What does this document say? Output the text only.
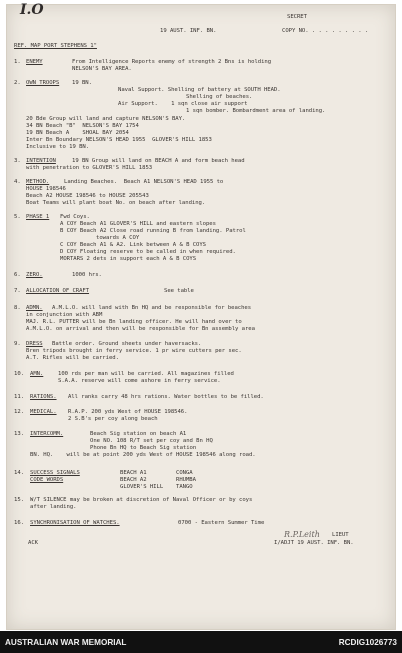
I.O	SECRET
19 AUST. INF. BN.	COPY NO. . . . . . . . . .
REF. MAP PORT STEPHENS 1"
1. ENEMY	From Intelligence Reports enemy of strength 2 Bns is holding
NELSON'S BAY AREA.
2. OWN TROOPS 19 BN.
Naval Support. Shelling of battery at SOUTH HEAD.
Shelling of beaches.
Air Support.    1 sqn close air support
1 sqn bomber. Bombardment area of landing.
20 Bde Group will land and capture NELSON'S BAY.
34 BN Beach "B"  NELSON'S BAY 1754
19 BN Beach A    SHOAL BAY 2054
Inter Bn Boundary NELSON'S HEAD 1955  GLOVER'S HILL 1853
Inclusive to 19 BN.
3. INTENTION	19 BN Group will land on BEACH A and form beach head
with penetration to GLOVER'S HILL 1853
4. METHOD.	Landing Beaches.  Beach A1 NELSON'S HEAD 1955 to
HOUSE 198546
Beach A2 HOUSE 198546 to HOUSE 205543
Boat Teams will plant boat No. on beach after landing.
5. PHASE 1 Fwd Coys.
A COY Beach A1 GLOVER'S HILL and eastern slopes
B COY Beach A2 Close road running B from landing. Patrol
towards A COY
C COY Beach A1 & A2. Link between A & B COYS
D COY Floating reserve to be called in when required.
MORTARS 2 dets in support each A & B COYS
6. ZERO.	1000 hrs.
7. ALLOCATION OF CRAFT	See table
8. ADMN. A.M.L.O. will land with Bn HQ and be responsible for beaches
in conjunction with ABM
MAJ. R.L. PUTTER will be Bn landing officer. He will hand over to
A.M.L.O. on arrival and then will be responsible for Bn assembly area
9. DRESS Battle order. Ground sheets under haversacks.
Bren tripods brought in ferry service. 1 pr wire cutters per sec.
A.T. Rifles will be carried.
10. AMN.	100 rds per man will be carried. All magazines filled
S.A.A. reserve will come ashore in ferry service.
11. RATIONS. All ranks carry 48 hrs rations. Water bottles to be filled.
12. MEDICAL. R.A.P. 200 yds West of HOUSE 198546.
2 S.B's per coy along beach
13. INTERCOMM.	Beach Sig station on beach A1
One NO. 108 R/T set per coy and Bn HQ
Phone Bn HQ to Beach Sig station
BN. HQ.    will be at point 200 yds West of HOUSE 198546 along road.
14. SUCCESS SIGNALS
CODE WORDS
BEACH A1	CONGA
BEACH A2	RHUMBA
GLOVER'S HILL TANGO
15. W/T SILENCE may be broken at discretion of Naval Officer or by coys
after landing.
16. SYNCHRONISATION OF WATCHES.	0700 - Eastern Summer Time
R.P.Leith LIEUT
I/ADJT 19 AUST. INF. BN.
ACK
AUSTRALIAN WAR MEMORIAL	RCDIG1026773
